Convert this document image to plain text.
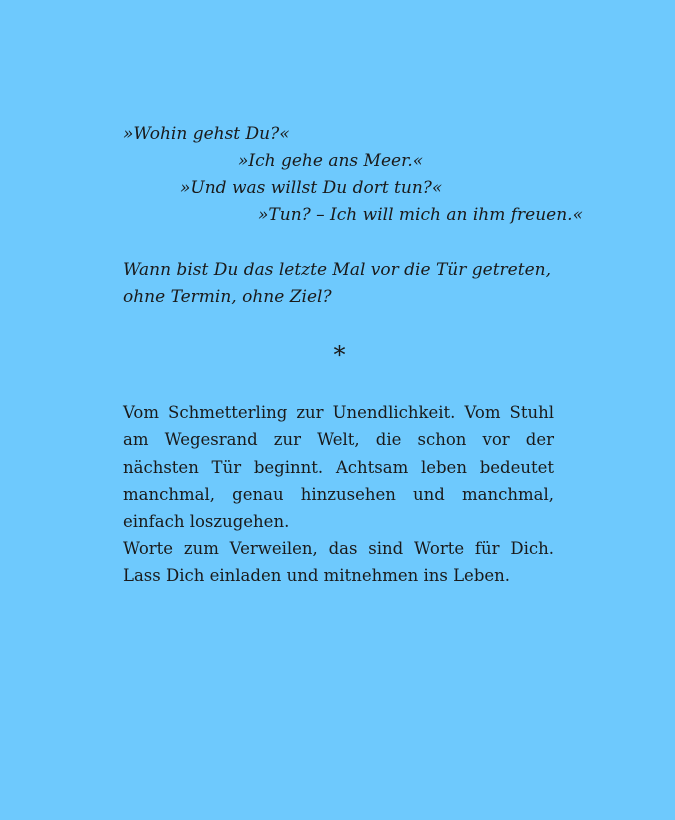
»Wohin gehst Du?«
»Ich gehe ans Meer.«
»Und was willst Du dort tun?«
»Tun? – Ich will mich an ihm freuen.«
Wann bist Du das letzte Mal vor die Tür getreten,
ohne Termin, ohne Ziel?
*

Vom Schmetterling zur Unendlichkeit. Vom Stuhl am Wegesrand zur Welt, die schon vor der nächsten Tür beginnt. Achtsam leben bedeutet manchmal, genau hinzusehen und manchmal, einfach loszugehen.

Worte zum Verweilen, das sind Worte für Dich. Lass Dich einladen und mitnehmen ins Leben.
